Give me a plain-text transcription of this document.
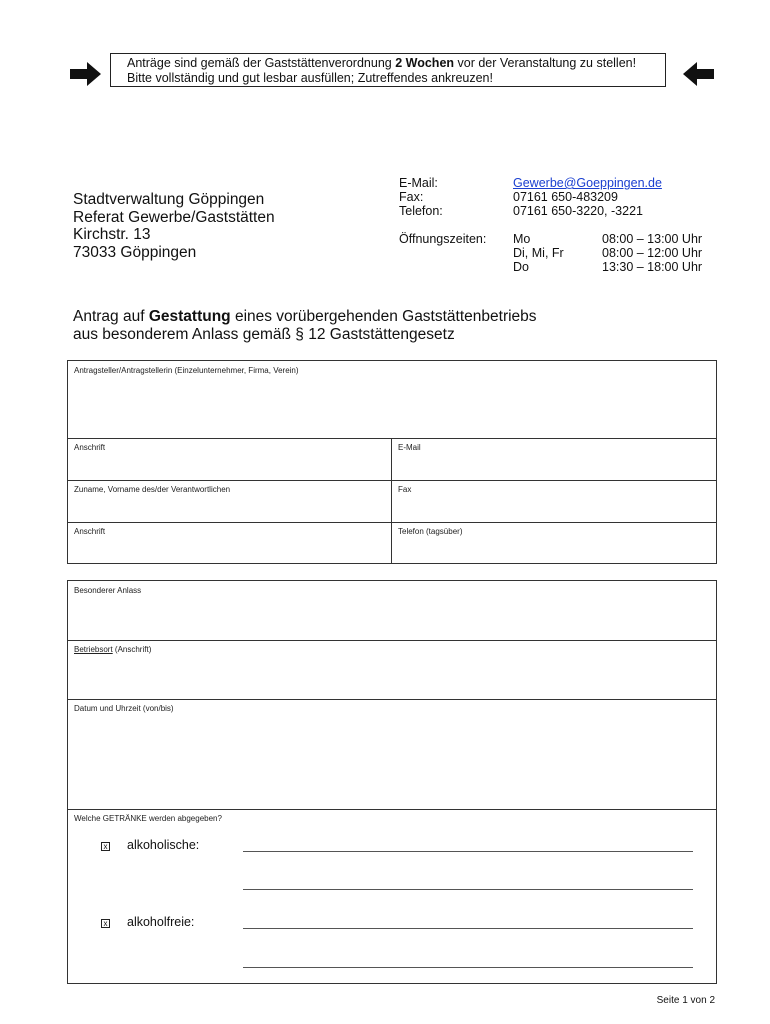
Anträge sind gemäß der Gaststättenverordnung 2 Wochen vor der Veranstaltung zu stellen!
Bitte vollständig und gut lesbar ausfüllen; Zutreffendes ankreuzen!
Stadtverwaltung Göppingen
Referat Gewerbe/Gaststätten
Kirchstr. 13
73033 Göppingen
E-Mail:	Gewerbe@Goeppingen.de
Fax:	07161 650-483209
Telefon:	07161 650-3220, -3221
Öffnungszeiten: Mo	08:00 – 13:00 Uhr
Di, Mi, Fr	08:00 – 12:00 Uhr
Do	13:30 – 18:00 Uhr
Antrag auf Gestattung eines vorübergehenden Gaststättenbetriebs
aus besonderem Anlass gemäß § 12 Gaststättengesetz
Antragsteller/Antragstellerin (Einzelunternehmer, Firma, Verein)
Anschrift	E-Mail
Zuname, Vorname des/der Verantwortlichen	Fax
Anschrift	Telefon (tagsüber)
Besonderer Anlass
Betriebsort (Anschrift)
Datum und Uhrzeit (von/bis)
Welche GETRÄNKE werden abgegeben?
x alkoholische:
x alkoholfreie:
Seite 1 von 2
